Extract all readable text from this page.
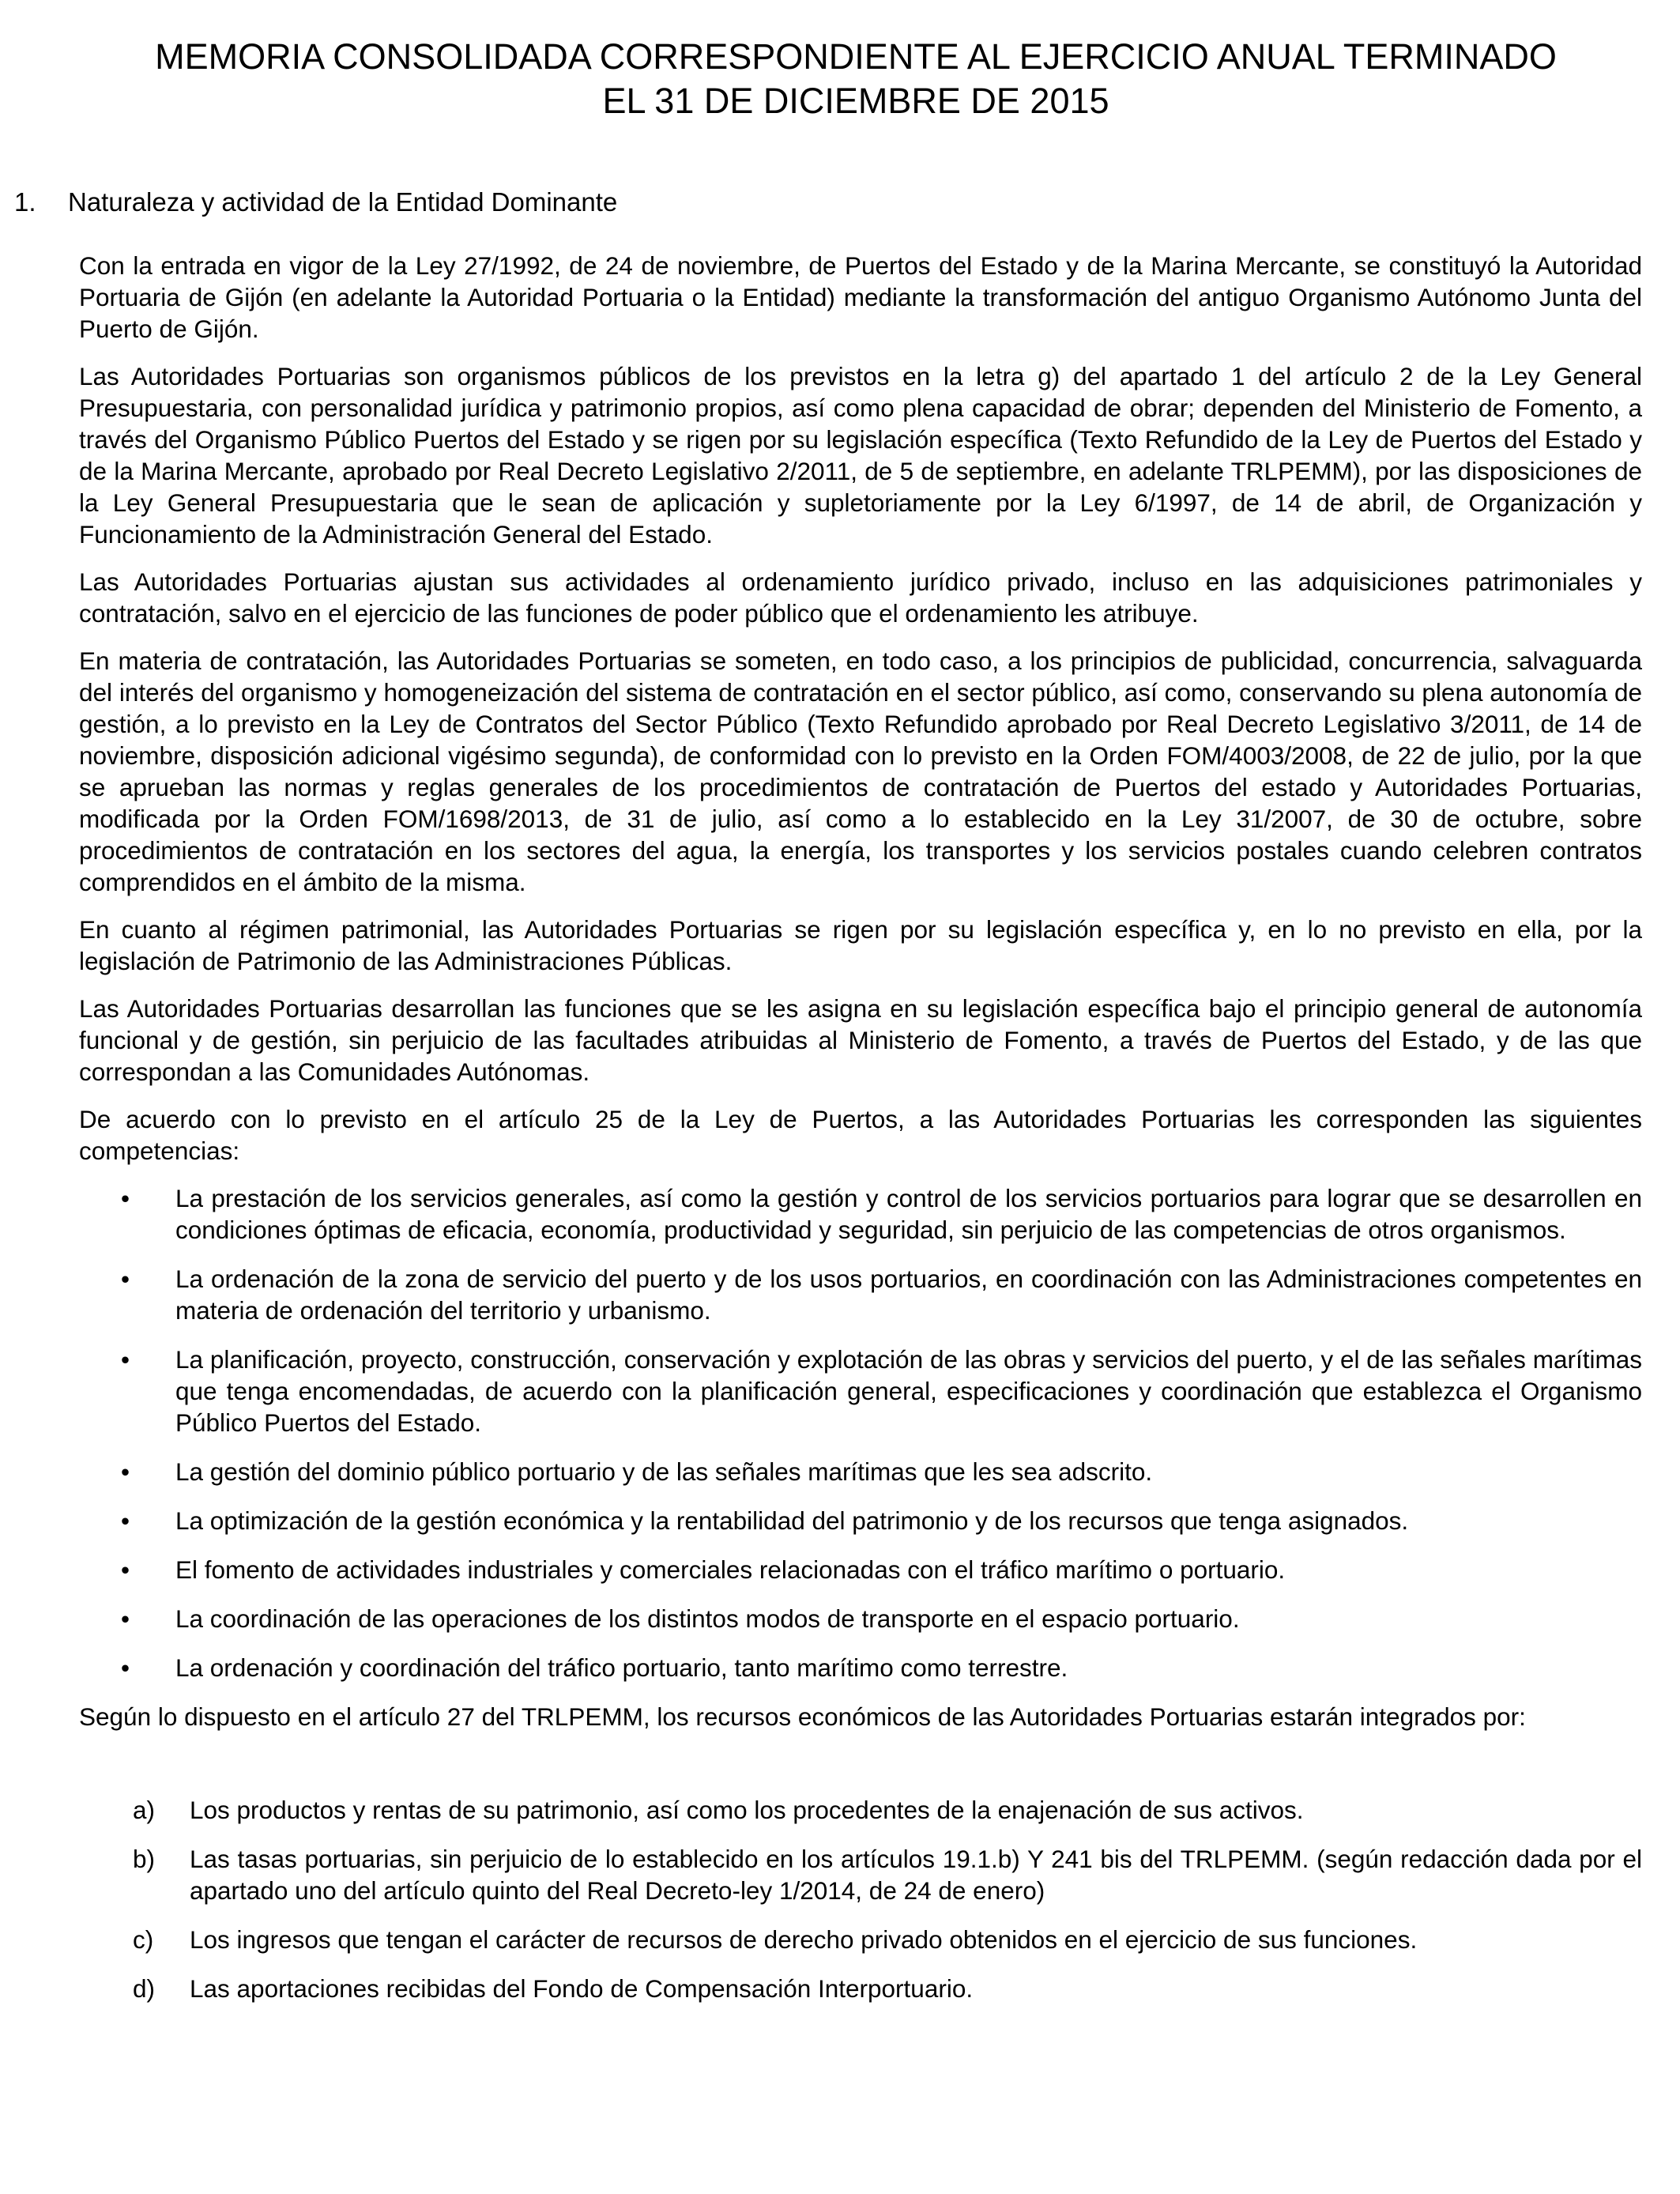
MEMORIA CONSOLIDADA CORRESPONDIENTE AL EJERCICIO ANUAL TERMINADO
EL 31 DE DICIEMBRE DE 2015
1. Naturaleza y actividad de la Entidad Dominante

Con la entrada en vigor de la Ley 27/1992, de 24 de noviembre, de Puertos del Estado y de la Marina Mercante, se constituyó la Autoridad Portuaria de Gijón (en adelante la Autoridad Portuaria o la Entidad) mediante la transformación del antiguo Organismo Autónomo Junta del Puerto de Gijón.

Las Autoridades Portuarias son organismos públicos de los previstos en la letra g) del apartado 1 del artículo 2 de la Ley General Presupuestaria, con personalidad jurídica y patrimonio propios, así como plena capacidad de obrar; dependen del Ministerio de Fomento, a través del Organismo Público Puertos del Estado y se rigen por su legislación específica (Texto Refundido de la Ley de Puertos del Estado y de la Marina Mercante, aprobado por Real Decreto Legislativo 2/2011, de 5 de septiembre, en adelante TRLPEMM), por las disposiciones de la Ley General Presupuestaria que le sean de aplicación y supletoriamente por la Ley 6/1997, de 14 de abril, de Organización y Funcionamiento de la Administración General del Estado.

Las Autoridades Portuarias ajustan sus actividades al ordenamiento jurídico privado, incluso en las adquisiciones patrimoniales y contratación, salvo en el ejercicio de las funciones de poder público que el ordenamiento les atribuye.

En materia de contratación, las Autoridades Portuarias se someten, en todo caso, a los principios de publicidad, concurrencia, salvaguarda del interés del organismo y homogeneización del sistema de contratación en el sector público, así como, conservando su plena autonomía de gestión, a lo previsto en la Ley de Contratos del Sector Público (Texto Refundido aprobado por Real Decreto Legislativo 3/2011, de 14 de noviembre, disposición adicional vigésimo segunda), de conformidad con lo previsto en la Orden FOM/4003/2008, de 22 de julio, por la que se aprueban las normas y reglas generales de los procedimientos de contratación de Puertos del estado y Autoridades Portuarias, modificada por la Orden FOM/1698/2013, de 31 de julio, así como a lo establecido en la Ley 31/2007, de 30 de octubre, sobre procedimientos de contratación en los sectores del agua, la energía, los transportes y los servicios postales cuando celebren contratos comprendidos en el ámbito de la misma.

En cuanto al régimen patrimonial, las Autoridades Portuarias se rigen por su legislación específica y, en lo no previsto en ella, por la legislación de Patrimonio de las Administraciones Públicas.

Las Autoridades Portuarias desarrollan las funciones que se les asigna en su legislación específica bajo el principio general de autonomía funcional y de gestión, sin perjuicio de las facultades atribuidas al Ministerio de Fomento, a través de Puertos del Estado, y de las que correspondan a las Comunidades Autónomas.

De acuerdo con lo previsto en el artículo 25 de la Ley de Puertos, a las Autoridades Portuarias les corresponden las siguientes competencias:

• La prestación de los servicios generales, así como la gestión y control de los servicios portuarios para lograr que se desarrollen en condiciones óptimas de eficacia, economía, productividad y seguridad, sin perjuicio de las competencias de otros organismos.
• La ordenación de la zona de servicio del puerto y de los usos portuarios, en coordinación con las Administraciones competentes en materia de ordenación del territorio y urbanismo.
• La planificación, proyecto, construcción, conservación y explotación de las obras y servicios del puerto, y el de las señales marítimas que tenga encomendadas, de acuerdo con la planificación general, especificaciones y coordinación que establezca el Organismo Público Puertos del Estado.
• La gestión del dominio público portuario y de las señales marítimas que les sea adscrito.
• La optimización de la gestión económica y la rentabilidad del patrimonio y de los recursos que tenga asignados.
• El fomento de actividades industriales y comerciales relacionadas con el tráfico marítimo o portuario.
• La coordinación de las operaciones de los distintos modos de transporte en el espacio portuario.
• La ordenación y coordinación del tráfico portuario, tanto marítimo como terrestre.

Según lo dispuesto en el artículo 27 del TRLPEMM, los recursos económicos de las Autoridades Portuarias estarán integrados por:

a) Los productos y rentas de su patrimonio, así como los procedentes de la enajenación de sus activos.
b) Las tasas portuarias, sin perjuicio de lo establecido en los artículos 19.1.b) Y 241 bis del TRLPEMM. (según redacción dada por el apartado uno del artículo quinto del Real Decreto-ley 1/2014, de 24 de enero)
c) Los ingresos que tengan el carácter de recursos de derecho privado obtenidos en el ejercicio de sus funciones.
d) Las aportaciones recibidas del Fondo de Compensación Interportuario.
